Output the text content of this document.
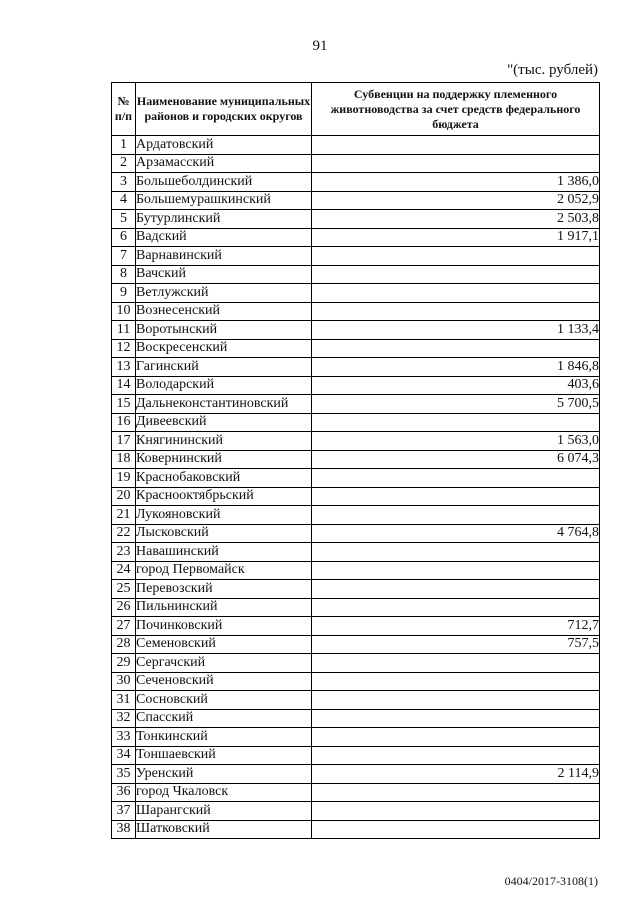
91
"(тыс. рублей)
№ п/п	Наименование муниципальных районов и городских округов	Субвенции на поддержку племенного животноводства за счет средств федерального бюджета
1	Ардатовский	
2	Арзамасский	
3	Большеболдинский	1 386,0
4	Большемурашкинский	2 052,9
5	Бутурлинский	2 503,8
6	Вадский	1 917,1
7	Варнавинский	
8	Вачский	
9	Ветлужский	
10	Вознесенский	
11	Воротынский	1 133,4
12	Воскресенский	
13	Гагинский	1 846,8
14	Володарский	403,6
15	Дальнеконстантиновский	5 700,5
16	Дивеевский	
17	Княгининский	1 563,0
18	Ковернинский	6 074,3
19	Краснобаковский	
20	Краснооктябрьский	
21	Лукояновский	
22	Лысковский	4 764,8
23	Навашинский	
24	город Первомайск	
25	Перевозский	
26	Пильнинский	
27	Починковский	712,7
28	Семеновский	757,5
29	Сергачский	
30	Сеченовский	
31	Сосновский	
32	Спасский	
33	Тонкинский	
34	Тоншаевский	
35	Уренский	2 114,9
36	город Чкаловск	
37	Шарангский	
38	Шатковский	
0404/2017-3108(1)
